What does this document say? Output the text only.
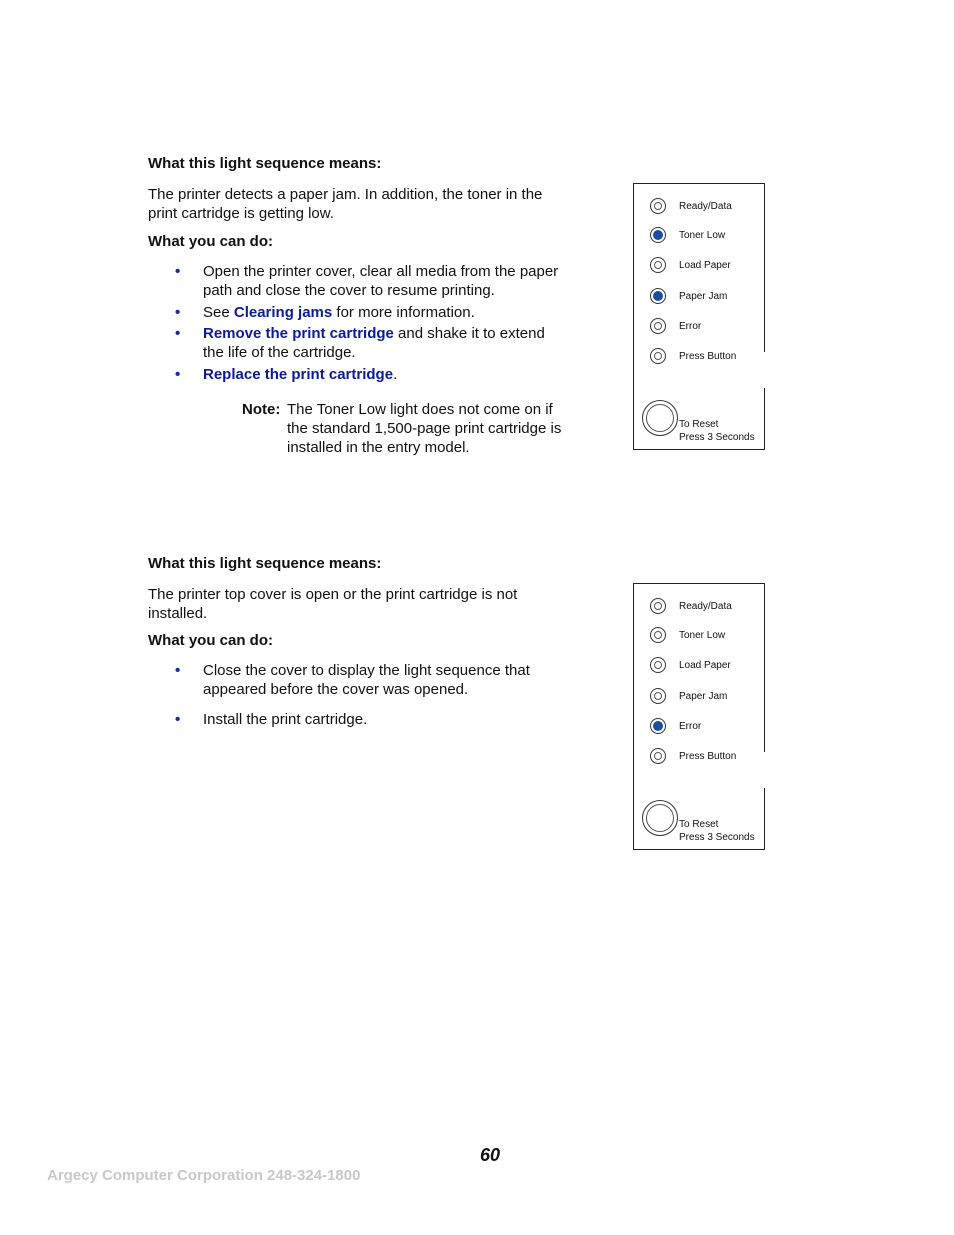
What this light sequence means:

The printer detects a paper jam. In addition, the toner in the print cartridge is getting low.

What you can do:

• Open the printer cover, clear all media from the paper path and close the cover to resume printing.
• See Clearing jams for more information.
• Remove the print cartridge and shake it to extend the life of the cartridge.
• Replace the print cartridge.
Note: The Toner Low light does not come on if the standard 1,500-page print cartridge is installed in the entry model.
Ready/Data
Toner Low
Load Paper
Paper Jam
Error
Press Button
To Reset
Press 3 Seconds

What this light sequence means:

The printer top cover is open or the print cartridge is not installed.

What you can do:

• Close the cover to display the light sequence that appeared before the cover was opened.
• Install the print cartridge.
Ready/Data
Toner Low
Load Paper
Paper Jam
Error
Press Button
To Reset
Press 3 Seconds
60
Argecy Computer Corporation 248-324-1800
